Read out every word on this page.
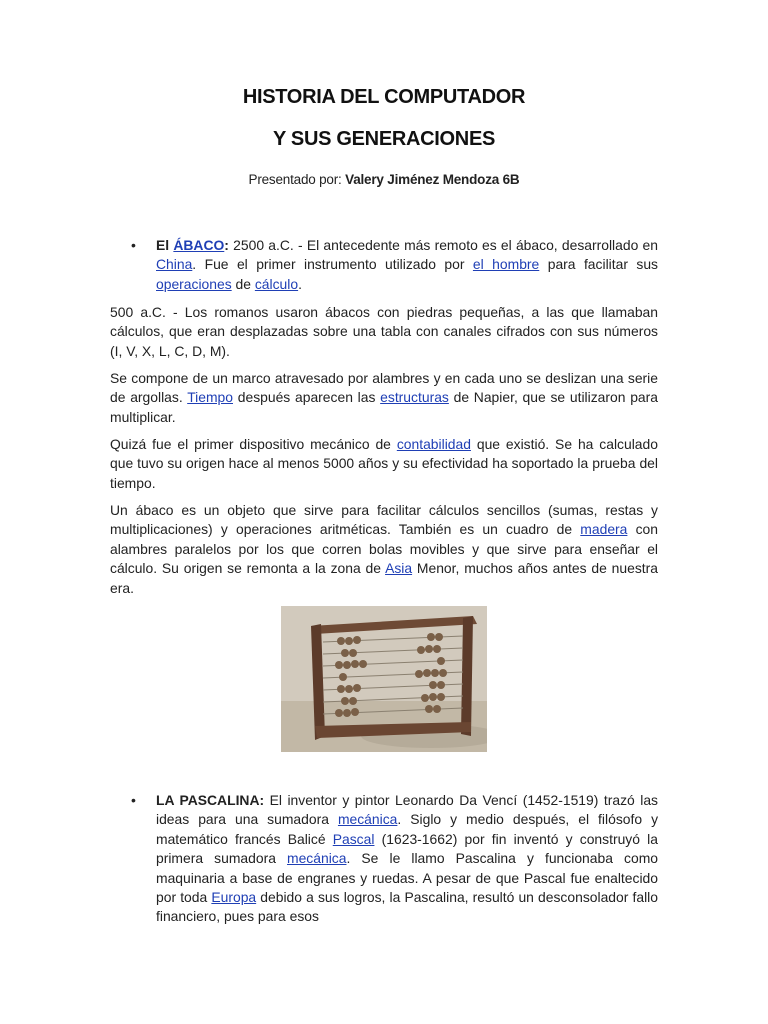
HISTORIA DEL COMPUTADOR
Y SUS GENERACIONES
Presentado por: Valery Jiménez Mendoza 6B
• El ÁBACO: 2500 a.C. - El antecedente más remoto es el ábaco, desarrollado en China. Fue el primer instrumento utilizado por el hombre para facilitar sus operaciones de cálculo.
500 a.C. - Los romanos usaron ábacos con piedras pequeñas, a las que llamaban cálculos, que eran desplazadas sobre una tabla con canales cifrados con sus números (I, V, X, L, C, D, M).
Se compone de un marco atravesado por alambres y en cada uno se deslizan una serie de argollas. Tiempo después aparecen las estructuras de Napier, que se utilizaron para multiplicar.
Quizá fue el primer dispositivo mecánico de contabilidad que existió. Se ha calculado que tuvo su origen hace al menos 5000 años y su efectividad ha soportado la prueba del tiempo.
Un ábaco es un objeto que sirve para facilitar cálculos sencillos (sumas, restas y multiplicaciones) y operaciones aritméticas. También es un cuadro de madera con alambres paralelos por los que corren bolas movibles y que sirve para enseñar el cálculo. Su origen se remonta a la zona de Asia Menor, muchos años antes de nuestra era.
• LA PASCALINA: El inventor y pintor Leonardo Da Vencí (1452-1519) trazó las ideas para una sumadora mecánica. Siglo y medio después, el filósofo y matemático francés Balicé Pascal (1623-1662) por fin inventó y construyó la primera sumadora mecánica. Se le llamo Pascalina y funcionaba como maquinaria a base de engranes y ruedas. A pesar de que Pascal fue enaltecido por toda Europa debido a sus logros, la Pascalina, resultó un desconsolador fallo financiero, pues para esos
